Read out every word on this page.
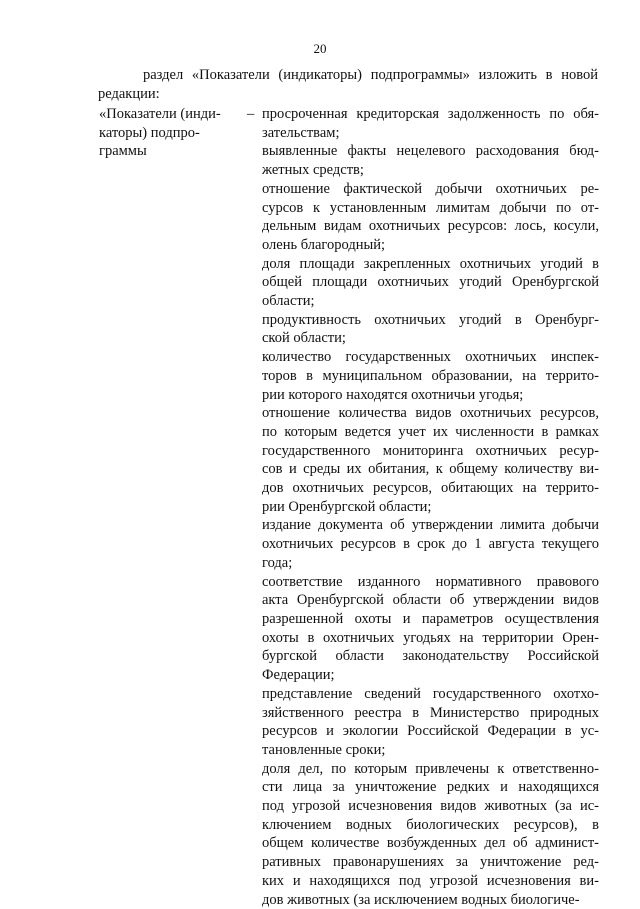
20

раздел «Показатели (индикаторы) подпрограммы» изложить в новой

редакции:

«Показатели (инди-
каторы) подпро-
граммы
– просроченная кредиторская задолженность по обя-
зательствам;
выявленные факты нецелевого расходования бюд-
жетных средств;
отношение фактической добычи охотничьих ре-
сурсов к установленным лимитам добычи по от-
дельным видам охотничьих ресурсов: лось, косули,
олень благородный;
доля площади закрепленных охотничьих угодий в
общей площади охотничьих угодий Оренбургской
области;
продуктивность охотничьих угодий в Оренбург-
ской области;
количество государственных охотничьих инспек-
торов в муниципальном образовании, на террито-
рии которого находятся охотничьи угодья;
отношение количества видов охотничьих ресурсов,
по которым ведется учет их численности в рамках
государственного мониторинга охотничьих ресур-
сов и среды их обитания, к общему количеству ви-
дов охотничьих ресурсов, обитающих на террито-
рии Оренбургской области;
издание документа об утверждении лимита добычи
охотничьих ресурсов в срок до 1 августа текущего
года;
соответствие изданного нормативного правового
акта Оренбургской области об утверждении видов
разрешенной охоты и параметров осуществления
охоты в охотничьих угодьях на территории Орен-
бургской области законодательству Российской
Федерации;
представление сведений государственного охотхо-
зяйственного реестра в Министерство природных
ресурсов и экологии Российской Федерации в ус-
тановленные сроки;
доля дел, по которым привлечены к ответственно-
сти лица за уничтожение редких и находящихся
под угрозой исчезновения видов животных (за ис-
ключением водных биологических ресурсов), в
общем количестве возбужденных дел об админист-
ративных правонарушениях за уничтожение ред-
ких и находящихся под угрозой исчезновения ви-
дов животных (за исключением водных биологиче-
